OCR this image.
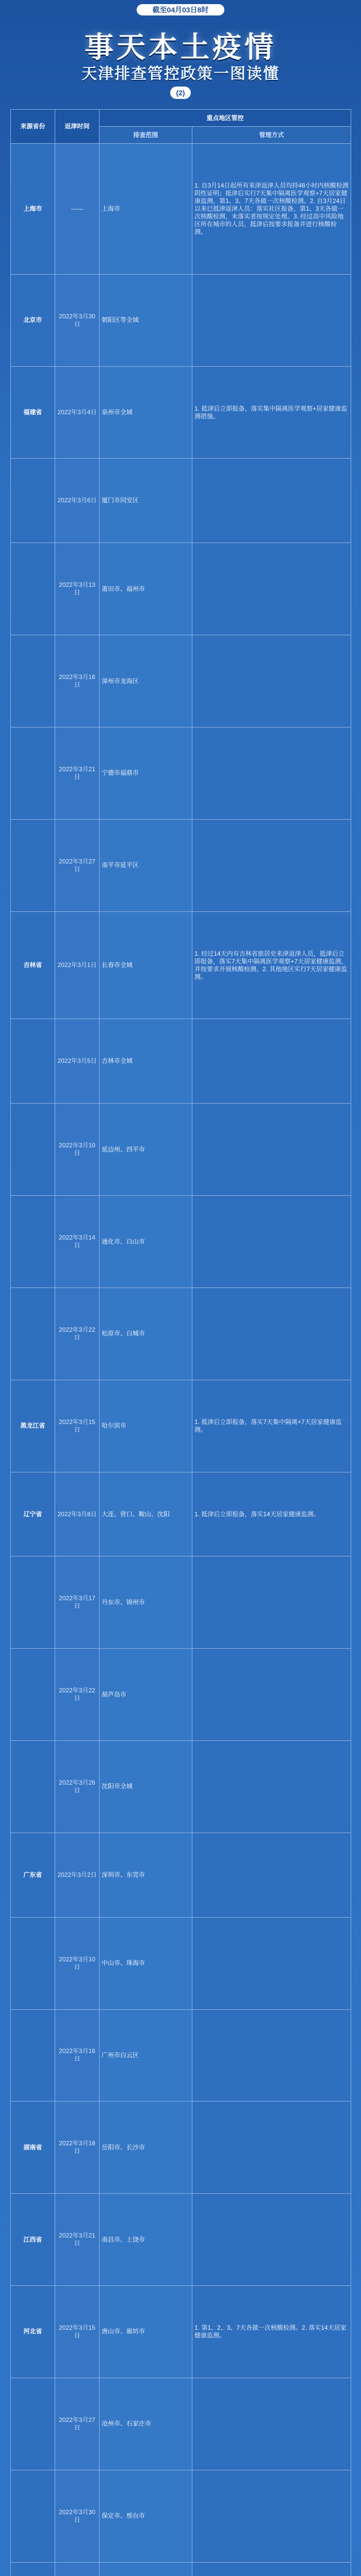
截至04月03日8时
事天本土疫情
天津排查管控政策一图读懂
(2)
来源省份	返津时间	重点地区管控	
		排查范围	管理方式
上海市	——	上海市	1. 自3月14日起所有来津返津人员均持48小时内核酸检测阴性证明；抵津后实行7天集中隔离医学观察+7天居家健康监测，第1、3、7天各做一次核酸检测。2. 自3月24日以来已抵津返津人员：落实社区报备，第1、3天各做一次核酸检测，未落实者按规定处理。3. 经过高中风险地区所在城市的人员，抵津后按要求报备并进行核酸检测。
北京市	2022年3月30日	朝阳区等全域	
福建省	2022年3月4日	泉州市全域	1. 抵津后立即报备，落实集中隔离医学观察+居家健康监测措施。
	2022年3月6日	厦门市同安区	
	2022年3月13日	莆田市、福州市	
	2022年3月16日	漳州市龙海区	
	2022年3月21日	宁德市福鼎市	
	2022年3月27日	南平市延平区	
吉林省	2022年3月1日	长春市全域	1. 经过14天内有吉林省旅居史来津返津人员，抵津后立即报备，落实7天集中隔离医学观察+7天居家健康监测，并按要求开展核酸检测。2. 其他地区实行7天居家健康监测。
	2022年3月5日	吉林市全域	
	2022年3月10日	延边州、四平市	
	2022年3月14日	通化市、白山市	
	2022年3月22日	松原市、白城市	
黑龙江省	2022年3月15日	哈尔滨市	1. 抵津后立即报备，落实7天集中隔离+7天居家健康监测。
辽宁省	2022年3月8日	大连、营口、鞍山、沈阳	1. 抵津后立即报备，落实14天居家健康监测。
	2022年3月17日	丹东市、锦州市	
	2022年3月22日	葫芦岛市	
	2022年3月26日	沈阳市全域	
广东省	2022年3月2日	深圳市、东莞市	
	2022年3月10日	中山市、珠海市	
	2022年3月16日	广州市白云区	
湖南省	2022年3月18日	岳阳市、长沙市	
江西省	2022年3月21日	南昌市、上饶市	
河北省	2022年3月15日	唐山市、廊坊市	1. 第1、2、3、7天各做一次核酸检测。2. 落实14天居家健康监测。
	2022年3月27日	沧州市、石家庄市	
	2022年3月30日	保定市、邢台市	
